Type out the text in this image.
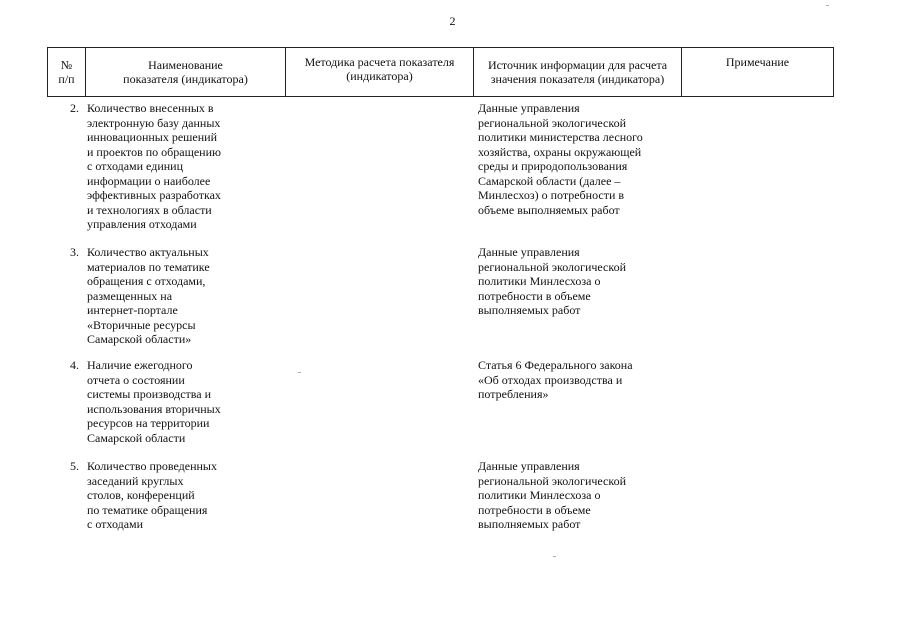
2
№
п/п
Наименование
показателя (индикатора)
Методика расчета показателя
(индикатора)
Источник информации для расчета
значения показателя (индикатора)
Примечание
2. Количество внесенных в
электронную базу данных
инновационных решений
и проектов по обращению
с отходами единиц
информации о наиболее
эффективных разработках
и технологиях в области
управления отходами
Данные управления
региональной экологической
политики министерства лесного
хозяйства, охраны окружающей
среды и природопользования
Самарской области (далее –
Минлесхоз) о потребности в
объеме выполняемых работ
3. Количество актуальных
материалов по тематике
обращения с отходами,
размещенных на
интернет-портале
«Вторичные ресурсы
Самарской области»
Данные управления
региональной экологической
политики Минлесхоза о
потребности в объеме
выполняемых работ
4. Наличие ежегодного
отчета о состоянии
системы производства и
использования вторичных
ресурсов на территории
Самарской области
Статья 6 Федерального закона
«Об отходах производства и
потребления»
5. Количество проведенных
заседаний круглых
столов, конференций
по тематике обращения
с отходами
Данные управления
региональной экологической
политики Минлесхоза о
потребности в объеме
выполняемых работ
